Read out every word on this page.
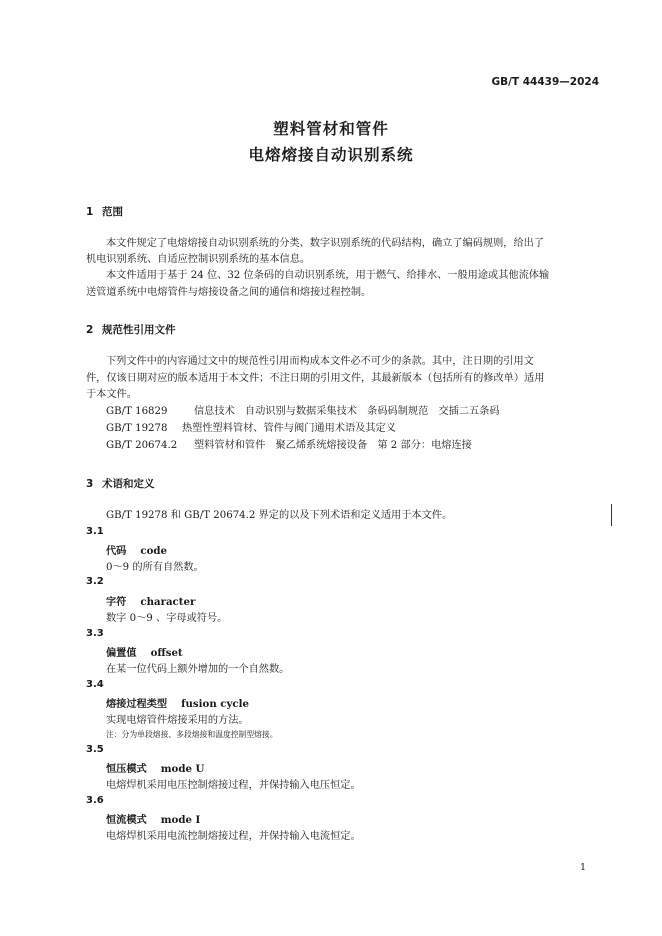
GB/T 44439—2024
塑料管材和管件
电熔熔接自动识别系统
1 范围
本文件规定了电熔熔接自动识别系统的分类、数字识别系统的代码结构，确立了编码规则，给出了
机电识别系统、自适应控制识别系统的基本信息。
本文件适用于基于 24 位、32 位条码的自动识别系统，用于燃气、给排水、一般用途或其他流体输
送管道系统中电熔管件与熔接设备之间的通信和熔接过程控制。
2 规范性引用文件
下列文件中的内容通过文中的规范性引用而构成本文件必不可少的条款。其中，注日期的引用文
件，仅该日期对应的版本适用于本文件；不注日期的引用文件，其最新版本（包括所有的修改单）适用
于本文件。
GB/T 16829	信息技术　自动识别与数据采集技术　条码码制规范　交插二五条码
GB/T 19278 热塑性塑料管材、管件与阀门通用术语及其定义
GB/T 20674.2 塑料管材和管件　聚乙烯系统熔接设备　第 2 部分：电熔连接
3 术语和定义
GB/T 19278 和 GB/T 20674.2 界定的以及下列术语和定义适用于本文件。
3.1
代码 code
0～9 的所有自然数。
3.2
字符 character
数字 0～9 、字母或符号。
3.3
偏置值 offset
在某一位代码上额外增加的一个自然数。
3.4
熔接过程类型 fusion cycle
实现电熔管件熔接采用的方法。
注：分为单段熔接、多段熔接和温度控制型熔接。
3.5
恒压模式 mode U
电熔焊机采用电压控制熔接过程，并保持输入电压恒定。
3.6
恒流模式 mode I
电熔焊机采用电流控制熔接过程，并保持输入电流恒定。
1
